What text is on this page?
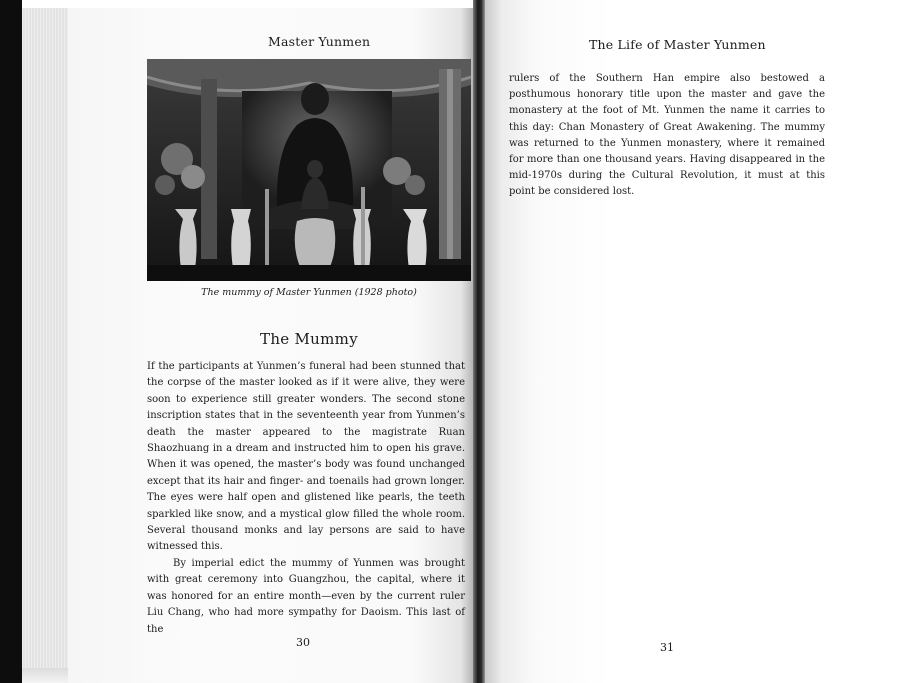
Master Yunmen
The mummy of Master Yunmen (1928 photo)
The Mummy

If the participants at Yunmen’s funeral had been stunned that the corpse of the master looked as if it were alive, they were soon to experience still greater wonders. The second stone inscription states that in the seventeenth year from Yunmen’s death the master appeared to the magistrate Ruan Shaozhuang in a dream and instructed him to open his grave. When it was opened, the master’s body was found unchanged except that its hair and finger- and toenails had grown longer. The eyes were half open and glistened like pearls, the teeth sparkled like snow, and a mystical glow filled the whole room. Several thousand monks and lay persons are said to have witnessed this.

By imperial edict the mummy of Yunmen was brought with great ceremony into Guangzhou, the capital, where it was honored for an entire month—even by the current ruler Liu Chang, who had more sympathy for Daoism. This last of the

30
The Life of Master Yunmen

rulers of the Southern Han empire also bestowed a posthumous honorary title upon the master and gave the monastery at the foot of Mt. Yunmen the name it carries to this day: Chan Monastery of Great Awakening. The mummy was returned to the Yunmen monastery, where it remained for more than one thousand years. Having disappeared in the mid-1970s during the Cultural Revolution, it must at this point be considered lost.

31
